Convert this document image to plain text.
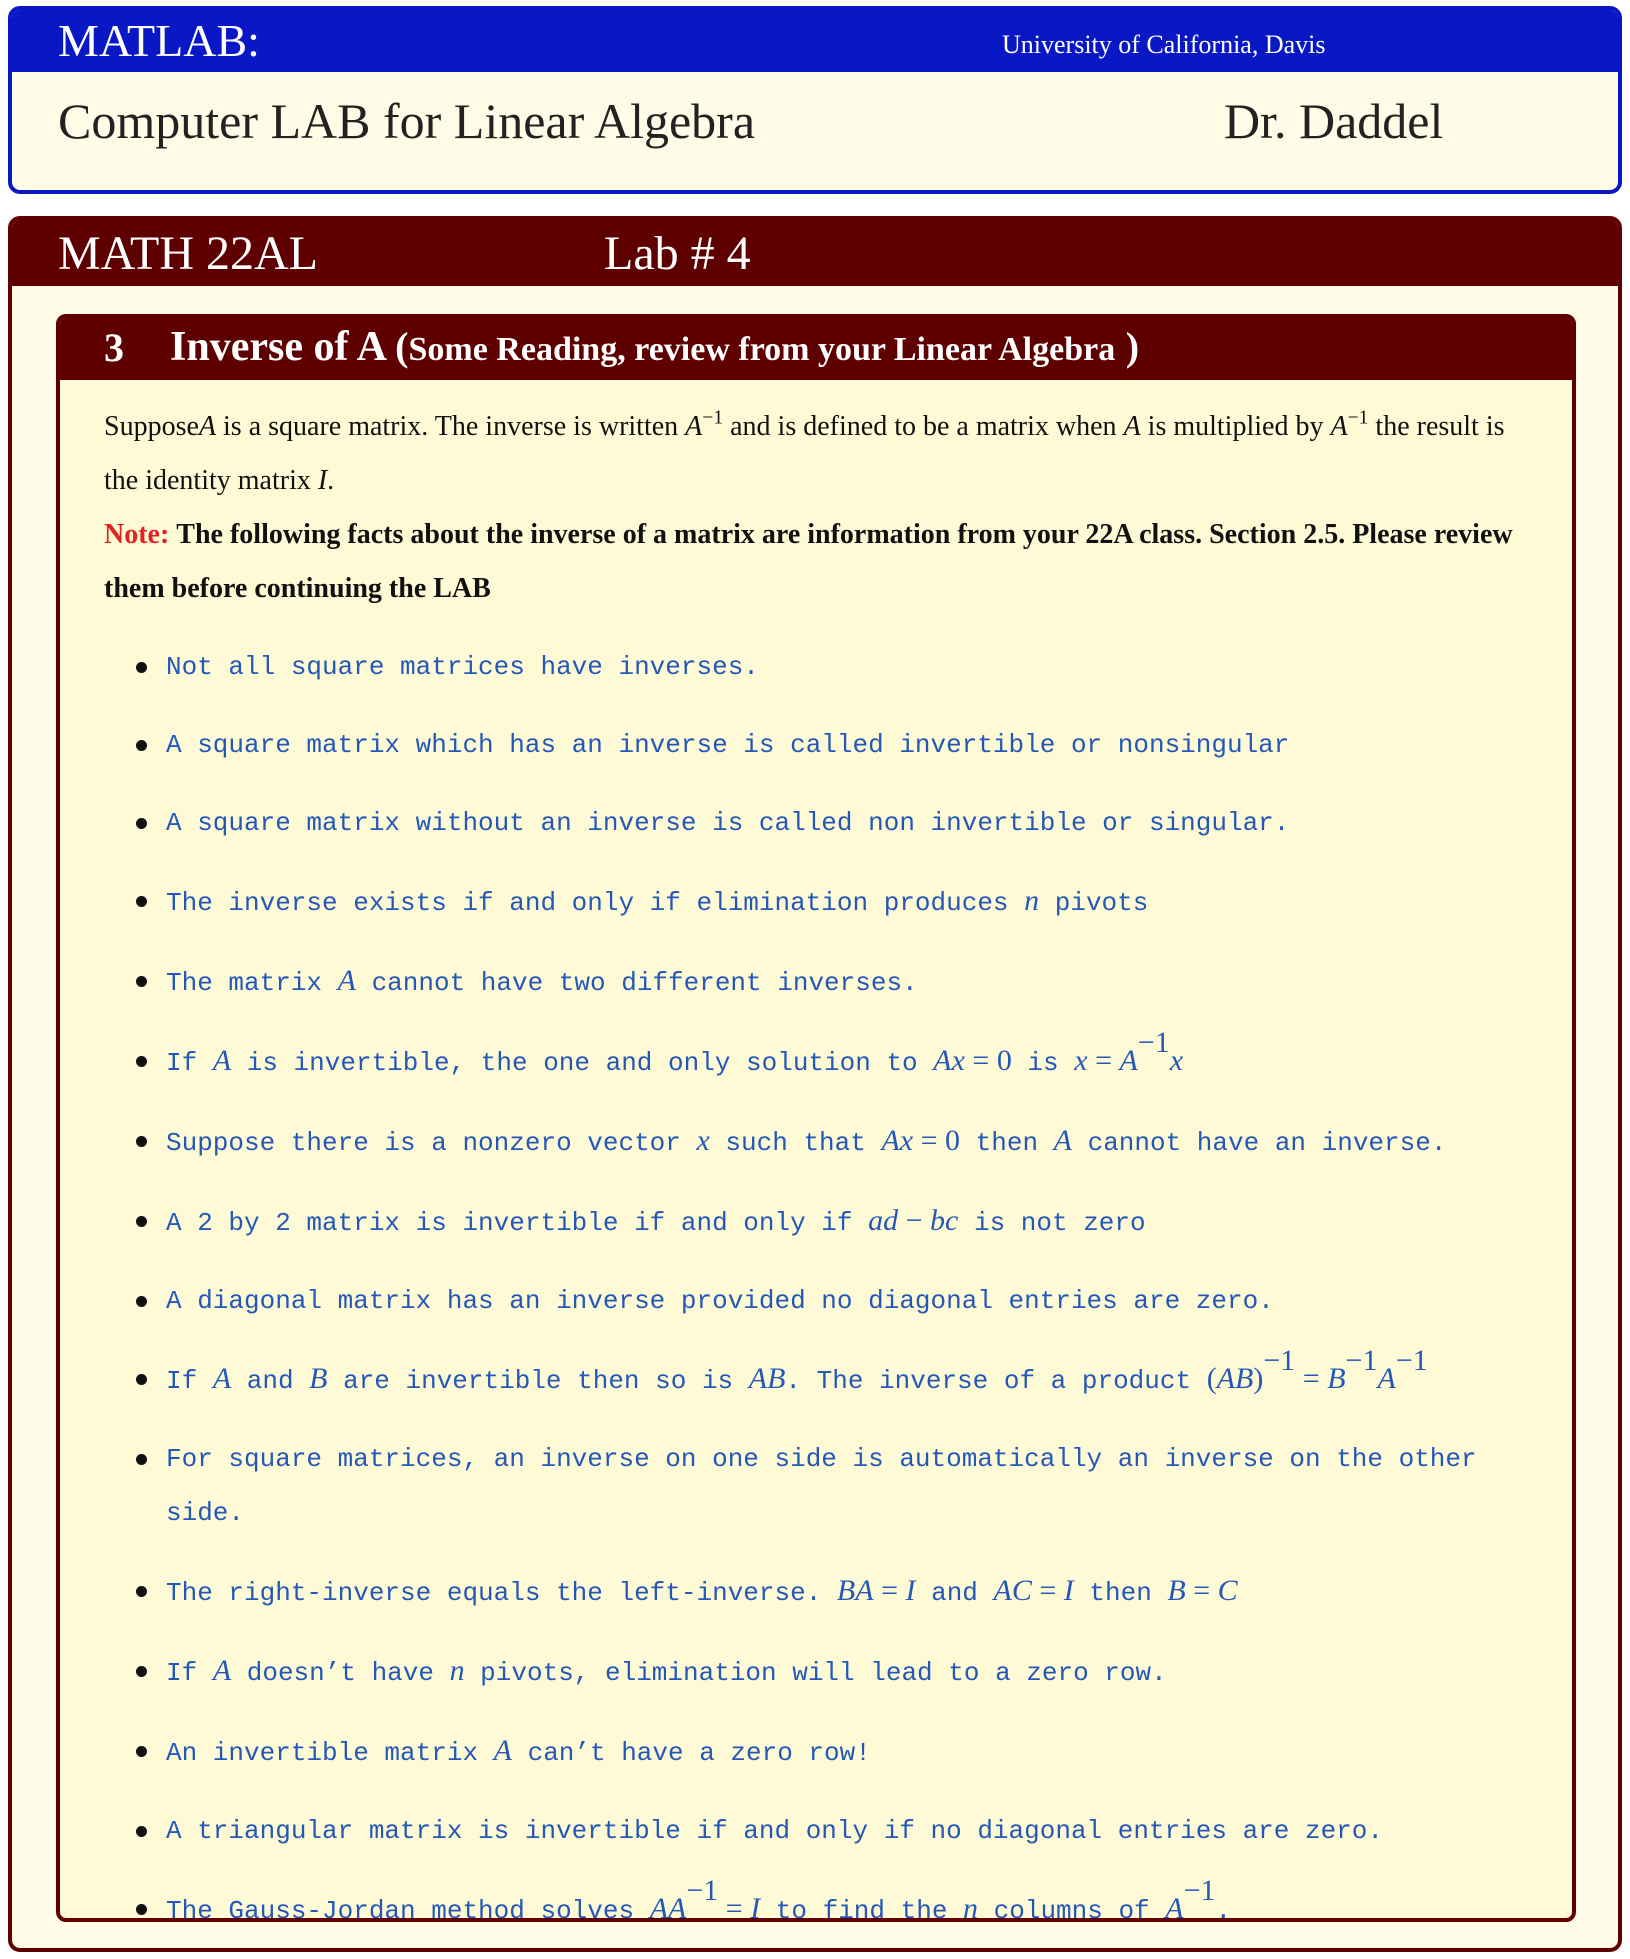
MATLAB:	University of California, Davis
Computer LAB for Linear Algebra	Dr. Daddel
MATH 22AL	Lab # 4
3 Inverse of A (Some Reading, review from your Linear Algebra )

SupposeA is a square matrix. The inverse is written $A^{-1}$ and is defined to be a matrix when A is multiplied by $A^{-1}$ the result is the identity matrix I.

Note: The following facts about the inverse of a matrix are information from your 22A class. Section 2.5. Please review them before continuing the LAB

Not all square matrices have inverses.
A square matrix which has an inverse is called invertible or nonsingular
A square matrix without an inverse is called non invertible or singular.
The inverse exists if and only if elimination produces n pivots
The matrix A cannot have two different inverses.
If A is invertible, the one and only solution to Ax = 0 is $x = A^{-1}x$
Suppose there is a nonzero vector x such that Ax = 0 then A cannot have an inverse.
A 2 by 2 matrix is invertible if and only if ad − bc is not zero
A diagonal matrix has an inverse provided no diagonal entries are zero.
If A and B are invertible then so is AB. The inverse of a product $(AB)^{-1} = B^{-1}A^{-1}$
For square matrices, an inverse on one side is automatically an inverse on the other side.
The right-inverse equals the left-inverse. BA = I and AC = I then B = C
If A doesn’t have n pivots, elimination will lead to a zero row.
An invertible matrix A can’t have a zero row!
A triangular matrix is invertible if and only if no diagonal entries are zero.
The Gauss-Jordan method solves $AA^{-1} = I$ to find the n columns of $A^{-1}$.
